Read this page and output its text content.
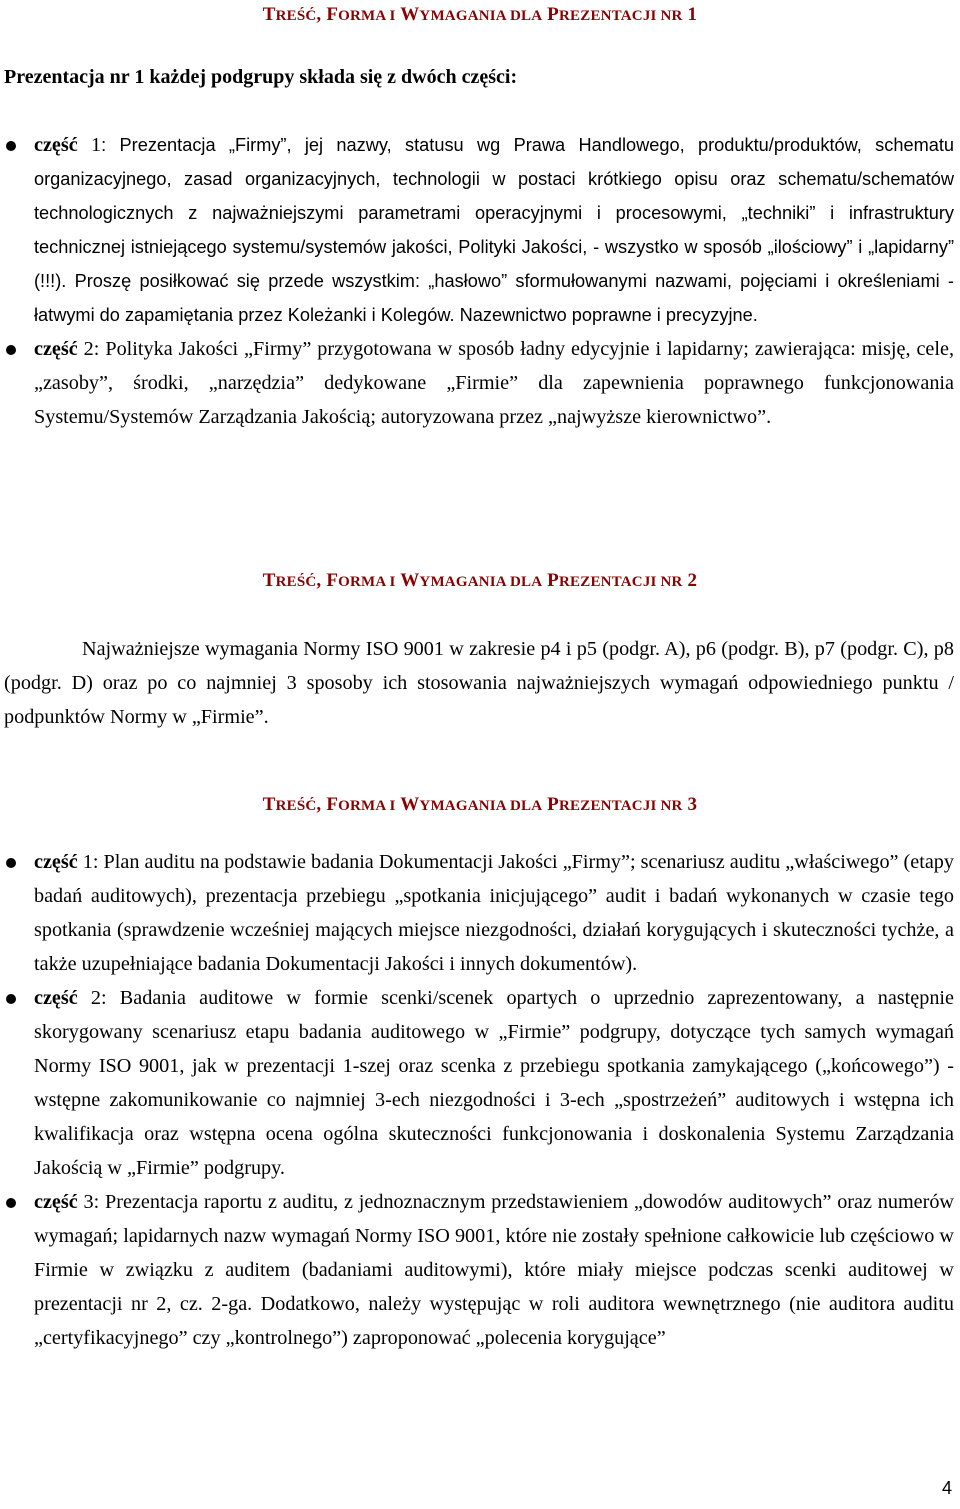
TREŚĆ, FORMA I WYMAGANIA DLA PREZENTACJI NR 1
Prezentacja nr 1 każdej podgrupy składa się z dwóch części:
część 1: Prezentacja „Firmy”, jej nazwy, statusu wg Prawa Handlowego, produktu/produktów, schematu organizacyjnego, zasad organizacyjnych, technologii w postaci krótkiego opisu oraz schematu/schematów technologicznych z najważniejszymi parametrami operacyjnymi i procesowymi, „techniki” i infrastruktury technicznej istniejącego systemu/systemów jakości, Polityki Jakości, - wszystko w sposób „ilościowy” i „lapidarny” (!!!). Proszę posiłkować się przede wszystkim: „hasłowo” sformułowanymi nazwami, pojęciami i określeniami - łatwymi do zapamiętania przez Koleżanki i Kolegów. Nazewnictwo poprawne i precyzyjne.
część 2: Polityka Jakości „Firmy” przygotowana w sposób ładny edycyjnie i lapidarny; zawierająca: misję, cele, „zasoby”, środki, „narzędzia” dedykowane „Firmie” dla zapewnienia poprawnego funkcjonowania Systemu/Systemów Zarządzania Jakością; autoryzowana przez „najwyższe kierownictwo”.
TREŚĆ, FORMA I WYMAGANIA DLA PREZENTACJI NR 2
Najważniejsze wymagania Normy ISO 9001 w zakresie p4 i p5 (podgr. A), p6 (podgr. B), p7 (podgr. C), p8 (podgr. D) oraz po co najmniej 3 sposoby ich stosowania najważniejszych wymagań odpowiedniego punktu / podpunktów Normy w „Firmie”.
TREŚĆ, FORMA I WYMAGANIA DLA PREZENTACJI NR 3
część 1: Plan auditu na podstawie badania Dokumentacji Jakości „Firmy”; scenariusz auditu „właściwego” (etapy badań auditowych), prezentacja przebiegu „spotkania inicjującego” audit i badań wykonanych w czasie tego spotkania (sprawdzenie wcześniej mających miejsce niezgodności, działań korygujących i skuteczności tychże, a także uzupełniające badania Dokumentacji Jakości i innych dokumentów).
część 2: Badania auditowe w formie scenki/scenek opartych o uprzednio zaprezentowany, a następnie skorygowany scenariusz etapu badania auditowego w „Firmie” podgrupy, dotyczące tych samych wymagań Normy ISO 9001, jak w prezentacji 1-szej oraz scenka z przebiegu spotkania zamykającego („końcowego”) - wstępne zakomunikowanie co najmniej 3-ech niezgodności i 3-ech „spostrzeżeń” auditowych i wstępna ich kwalifikacja oraz wstępna ocena ogólna skuteczności funkcjonowania i doskonalenia Systemu Zarządzania Jakością w „Firmie” podgrupy.
część 3: Prezentacja raportu z auditu, z jednoznacznym przedstawieniem „dowodów auditowych” oraz numerów wymagań; lapidarnych nazw wymagań Normy ISO 9001, które nie zostały spełnione całkowicie lub częściowo w Firmie w związku z auditem (badaniami auditowymi), które miały miejsce podczas scenki auditowej w prezentacji nr 2, cz. 2-ga. Dodatkowo, należy występując w roli auditora wewnętrznego (nie auditora auditu „certyfikacyjnego” czy „kontrolnego”) zaproponować „polecenia korygujące”
4
